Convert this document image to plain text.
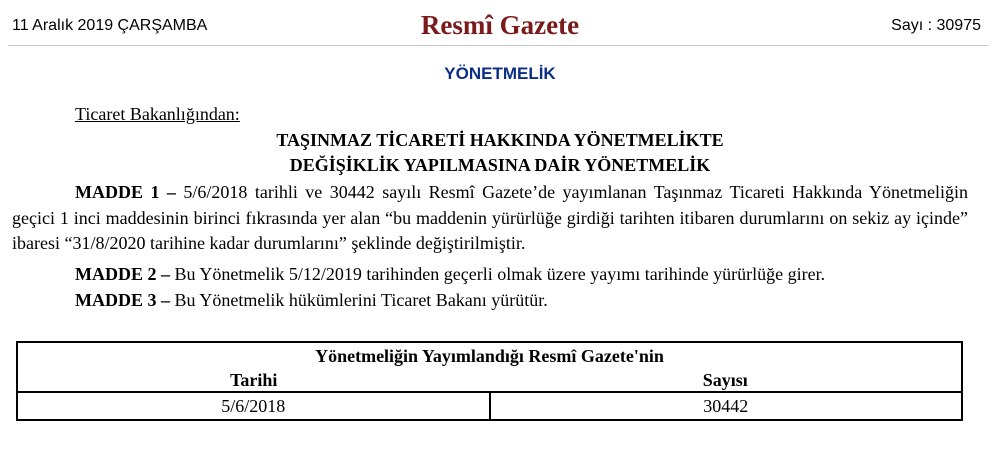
11 Aralık 2019 ÇARŞAMBA	Resmî Gazete	Sayı : 30975
YÖNETMELİK
Ticaret Bakanlığından:
TAŞINMAZ TİCARETİ HAKKINDA YÖNETMELİKTE
DEĞİŞİKLİK YAPILMASINA DAİR YÖNETMELİK
MADDE 1 – 5/6/2018 tarihli ve 30442 sayılı Resmî Gazete’de yayımlanan Taşınmaz Ticareti Hakkında Yönetmeliğin geçici 1 inci maddesinin birinci fıkrasında yer alan “bu maddenin yürürlüğe girdiği tarihten itibaren durumlarını on sekiz ay içinde” ibaresi “31/8/2020 tarihine kadar durumlarını” şeklinde değiştirilmiştir.
MADDE 2 – Bu Yönetmelik 5/12/2019 tarihinden geçerli olmak üzere yayımı tarihinde yürürlüğe girer.
MADDE 3 – Bu Yönetmelik hükümlerini Ticaret Bakanı yürütür.
Yönetmeliğin Yayımlandığı Resmî Gazete'nin	
Tarihi	Sayısı
5/6/2018	30442
